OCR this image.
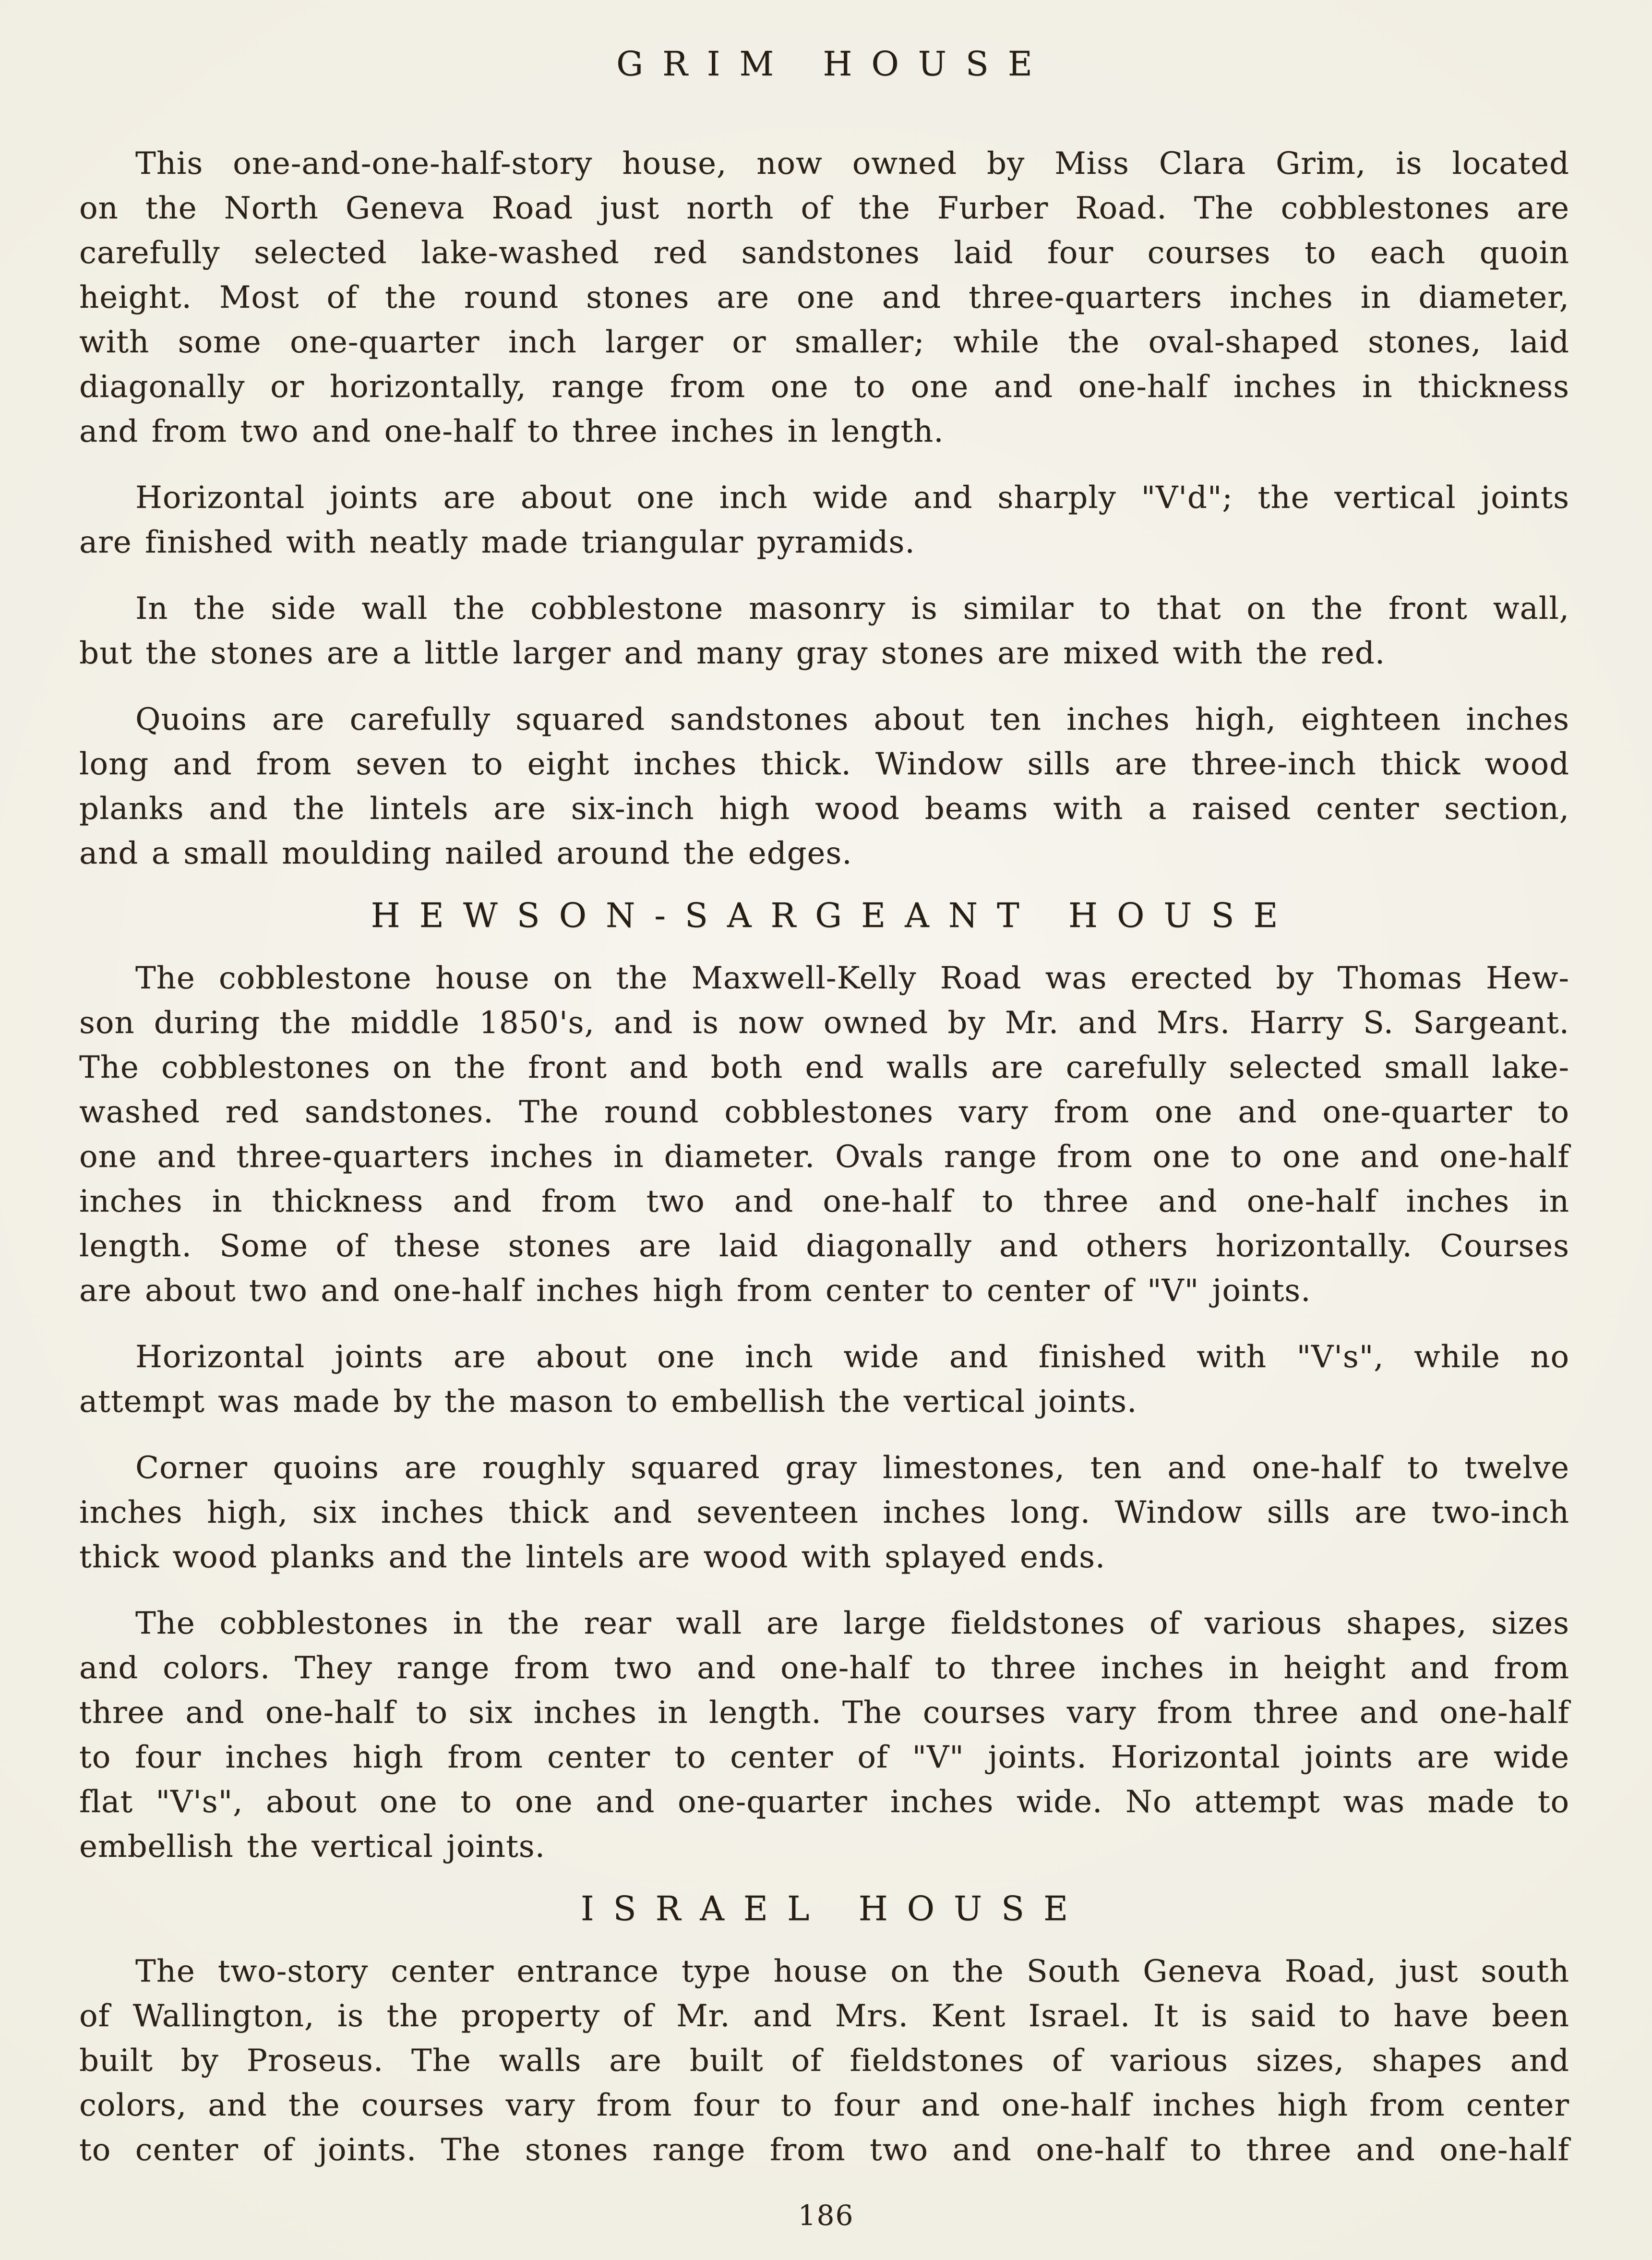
GRIM HOUSE
This one-and-one-half-story house, now owned by Miss Clara Grim, is located
on the North Geneva Road just north of the Furber Road. The cobblestones are
carefully selected lake-washed red sandstones laid four courses to each quoin
height. Most of the round stones are one and three-quarters inches in diameter,
with some one-quarter inch larger or smaller; while the oval-shaped stones, laid
diagonally or horizontally, range from one to one and one-half inches in thickness
and from two and one-half to three inches in length.
Horizontal joints are about one inch wide and sharply "V'd"; the vertical joints
are finished with neatly made triangular pyramids.
In the side wall the cobblestone masonry is similar to that on the front wall,
but the stones are a little larger and many gray stones are mixed with the red.
Quoins are carefully squared sandstones about ten inches high, eighteen inches
long and from seven to eight inches thick. Window sills are three-inch thick wood
planks and the lintels are six-inch high wood beams with a raised center section,
and a small moulding nailed around the edges.
HEWSON-SARGEANT HOUSE
The cobblestone house on the Maxwell-Kelly Road was erected by Thomas Hew-
son during the middle 1850's, and is now owned by Mr. and Mrs. Harry S. Sargeant.
The cobblestones on the front and both end walls are carefully selected small lake-
washed red sandstones. The round cobblestones vary from one and one-quarter to
one and three-quarters inches in diameter. Ovals range from one to one and one-half
inches in thickness and from two and one-half to three and one-half inches in
length. Some of these stones are laid diagonally and others horizontally. Courses
are about two and one-half inches high from center to center of "V" joints.
Horizontal joints are about one inch wide and finished with "V's", while no
attempt was made by the mason to embellish the vertical joints.
Corner quoins are roughly squared gray limestones, ten and one-half to twelve
inches high, six inches thick and seventeen inches long. Window sills are two-inch
thick wood planks and the lintels are wood with splayed ends.
The cobblestones in the rear wall are large fieldstones of various shapes, sizes
and colors. They range from two and one-half to three inches in height and from
three and one-half to six inches in length. The courses vary from three and one-half
to four inches high from center to center of "V" joints. Horizontal joints are wide
flat "V's", about one to one and one-quarter inches wide. No attempt was made to
embellish the vertical joints.
ISRAEL HOUSE
The two-story center entrance type house on the South Geneva Road, just south
of Wallington, is the property of Mr. and Mrs. Kent Israel. It is said to have been
built by Proseus. The walls are built of fieldstones of various sizes, shapes and
colors, and the courses vary from four to four and one-half inches high from center
to center of joints. The stones range from two and one-half to three and one-half
186
